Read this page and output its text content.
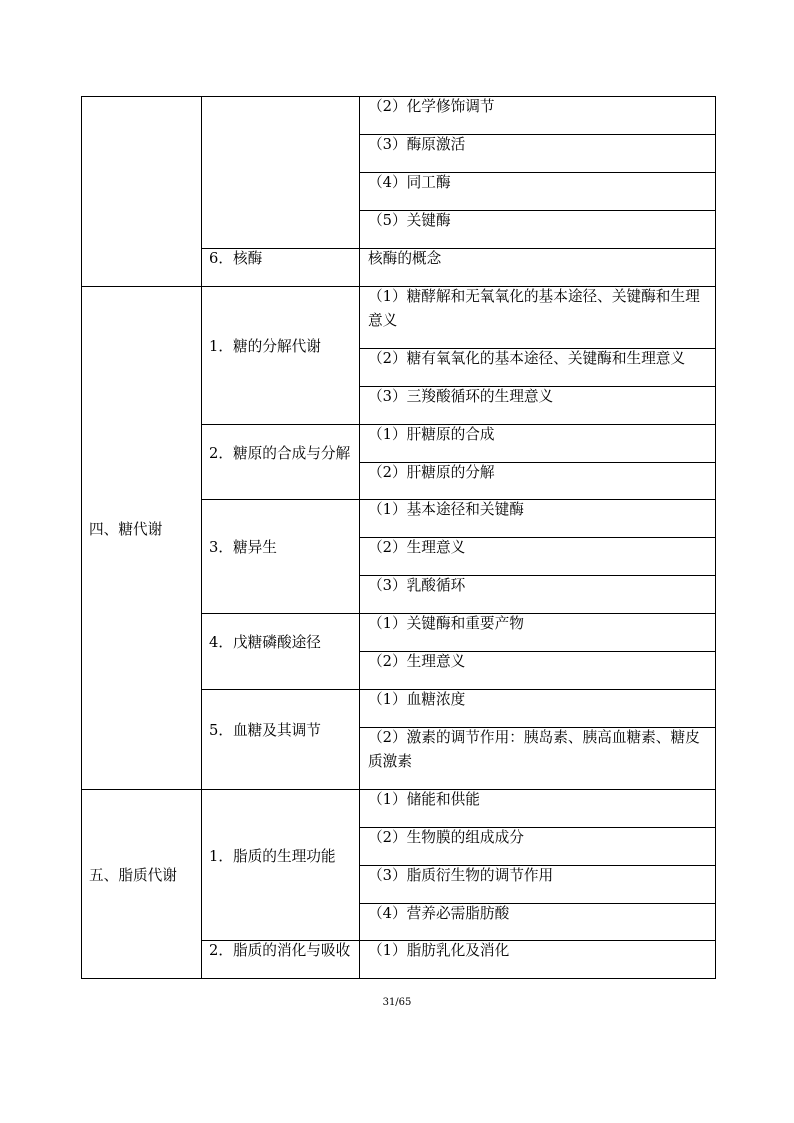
（2）化学修饰调节
（3）酶原激活
（4）同工酶
（5）关键酶
6．核酶	核酶的概念
四、糖代谢
1．糖的分解代谢
（1）糖酵解和无氧氧化的基本途径、关键酶和生理意义
（2）糖有氧氧化的基本途径、关键酶和生理意义
（3）三羧酸循环的生理意义
2．糖原的合成与分解
（1）肝糖原的合成
（2）肝糖原的分解
3．糖异生
（1）基本途径和关键酶
（2）生理意义
（3）乳酸循环
4．戊糖磷酸途径
（1）关键酶和重要产物
（2）生理意义
5．血糖及其调节
（1）血糖浓度
（2）激素的调节作用：胰岛素、胰高血糖素、糖皮质激素
五、脂质代谢
1．脂质的生理功能
（1）储能和供能
（2）生物膜的组成成分
（3）脂质衍生物的调节作用
（4）营养必需脂肪酸
2．脂质的消化与吸收	（1）脂肪乳化及消化
31/65
